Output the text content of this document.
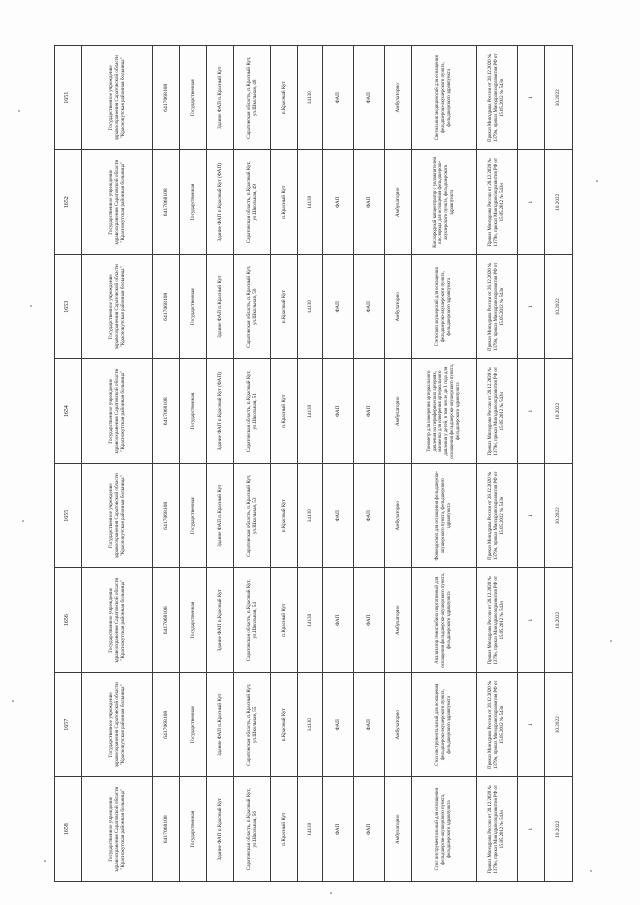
1658	1657	1656	1655	1654	1653	1652	1651
Государственное учреждение здравоохранения Саратовской области "Краснокутская районная больница"	Государственное учреждение здравоохранения Саратовской области "Краснокутская районная больница"	Государственное учреждение здравоохранения Саратовской области "Краснокутская районная больница"	Государственное учреждение здравоохранения Саратовской области "Краснокутская районная больница"	Государственное учреждение здравоохранения Саратовской области "Краснокутская районная больница"	Государственное учреждение здравоохранения Саратовской области "Краснокутская районная больница"	Государственное учреждение здравоохранения Саратовской области "Краснокутская районная больница"	Государственное учреждение здравоохранения Саратовской области "Краснокутская районная больница"
6417068108	6417068108	6417068108	6417068108	6417068108	6417068108	6417068108	6417068108
Государственная	Государственная	Государственная	Государственная	Государственная	Государственная	Государственная	Государственная
Здание ФАП п.Красный Кут	Здание ФАП п.Красный Кут	Здание ФАП п.Красный Кут	Здание ФАП п.Красный Кут	Здание ФАП п.Красный Кут (ФАП)	Здание ФАП п.Красный Кут	Здание ФАП п.Красный Кут (ФАП)	Здание ФАП п.Красный Кут
Саратовская область, п.Красный Кут, ул.Школьная, 56	Саратовская область, п.Красный Кут, ул.Школьная, 55	Саратовская область, п.Красный Кут, ул.Школьная, 54	Саратовская область, п.Красный Кут, ул.Школьная, 53	Саратовская область, п.Красный Кут, ул.Школьная, 51	Саратовская область, п.Красный Кут, ул.Школьная, 50	Саратовская область, п.Красный Кут, ул.Школьная, 49	Саратовская область, п.Красный Кут, ул.Школьная, 48
п.Красный Кут	п.Красный Кут	п.Красный Кут	п.Красный Кут	п.Красный Кут	п.Красный Кут	п.Красный Кут	п.Красный Кут
14130	14130	14130	14130	14130	14130	14130	14130
ФАП	ФАП	ФАП	ФАП	ФАП	ФАП	ФАП	ФАП
ФАП	ФАП	ФАП	ФАП	ФАП	ФАП	ФАП	ФАП
Амбулаторно	Амбулаторно	Амбулаторно	Амбулаторно	Амбулаторно	Амбулаторно	Амбулаторно	Амбулаторно
Стол инструментальный для оснащения фельдшерско-акушерского пункта, фельдшерского здравпункта	Стол инструментальный для оснащения фельдшерско-акушерского пункта, фельдшерского здравпункта	Анализатор гемоглобина портативный для оснащения фельдшерско-акушерского пункта, фельдшерского здравпункта	Фонендоскоп для оснащения фельдшерско-акушерского пункта, фельдшерского здравпункта	Тонометр для измерения артериального давления на периферических артериях, манжетка для измерения артериального давления у детей, в том числе до 1 года для оснащения фельдшерско-акушерского пункта, фельдшерского здравпункта	Стетоскоп акушерский для оснащения фельдшерско-акушерского пункта, фельдшерского здравпункта	Кислородный концентратор с увлажнителем кислорода для оснащения фельдшерско-акушерского пункта, фельдшерского здравпункта	Светильник медицинский для оснащения фельдшерско-акушерского пункта, фельдшерского здравпункта
Приказ Минздрава России от 28.12.2020 № 1379н, приказ Минздравсоцразвития РФ от 15.05.2012 № 543н	Приказ Минздрава России от 28.12.2020 № 1379н, приказ Минздравсоцразвития РФ от 15.05.2012 № 543н	Приказ Минздрава России от 28.12.2020 № 1379н, приказ Минздравсоцразвития РФ от 15.05.2012 № 543н	Приказ Минздрава России от 28.12.2020 № 1379н, приказ Минздравсоцразвития РФ от 15.05.2012 № 543н	Приказ Минздрава России от 28.12.2020 № 1379н, приказ Минздравсоцразвития РФ от 15.05.2012 № 543н	Приказ Минздрава России от 28.12.2020 № 1379н, приказ Минздравсоцразвития РФ от 15.05.2012 № 543н	Приказ Минздрава России от 28.12.2020 № 1379н, приказ Минздравсоцразвития РФ от 15.05.2012 № 543н	Приказ Минздрава России от 28.12.2020 № 1379н, приказ Минздравсоцразвития РФ от 15.05.2012 № 543н
1	1	1	1	1	1	1	1
10.2022	10.2022	10.2022	10.2022	10.2022	10.2022	10.2022	10.2022
